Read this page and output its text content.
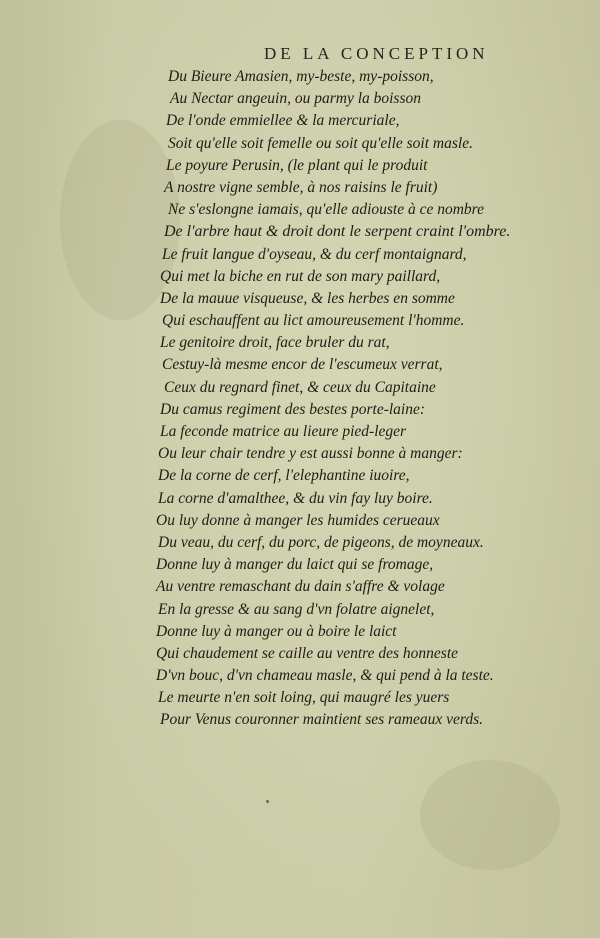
DE LA CONCEPTION
Du Bieure Amasien, my-beste, my-poisson,
Au Nectar angeuin, ou parmy la boisson
De l'onde emmiellee & la mercuriale,
Soit qu'elle soit femelle ou soit qu'elle soit masle.
Le poyure Perusin, (le plant qui le produit
A nostre vigne semble, à nos raisins le fruit)
Ne s'eslongne iamais, qu'elle adiouste à ce nombre
De l'arbre haut & droit dont le serpent craint l'ombre.
Le fruit langue d'oyseau, & du cerf montaignard,
Qui met la biche en rut de son mary paillard,
De la mauue visqueuse, & les herbes en somme
Qui eschauffent au lict amoureusement l'homme.
Le genitoire droit, face bruler du rat,
Cestuy-là mesme encor de l'escumeux verrat,
Ceux du regnard finet, & ceux du Capitaine
Du camus regiment des bestes porte-laine:
La feconde matrice au lieure pied-leger
Ou leur chair tendre y est aussi bonne à manger:
De la corne de cerf, l'elephantine iuoire,
La corne d'amalthee, & du vin fay luy boire.
Ou luy donne à manger les humides cerueaux
Du veau, du cerf, du porc, de pigeons, de moyneaux.
Donne luy à manger du laict qui se fromage,
Au ventre remaschant du dain s'affre & volage
En la gresse & au sang d'vn folatre aignelet,
Donne luy à manger ou à boire le laict
Qui chaudement se caille au ventre des honneste
D'vn bouc, d'vn chameau masle, & qui pend à la teste.
Le meurte n'en soit loing, qui maugré les yuers
Pour Venus couronner maintient ses rameaux verds.
